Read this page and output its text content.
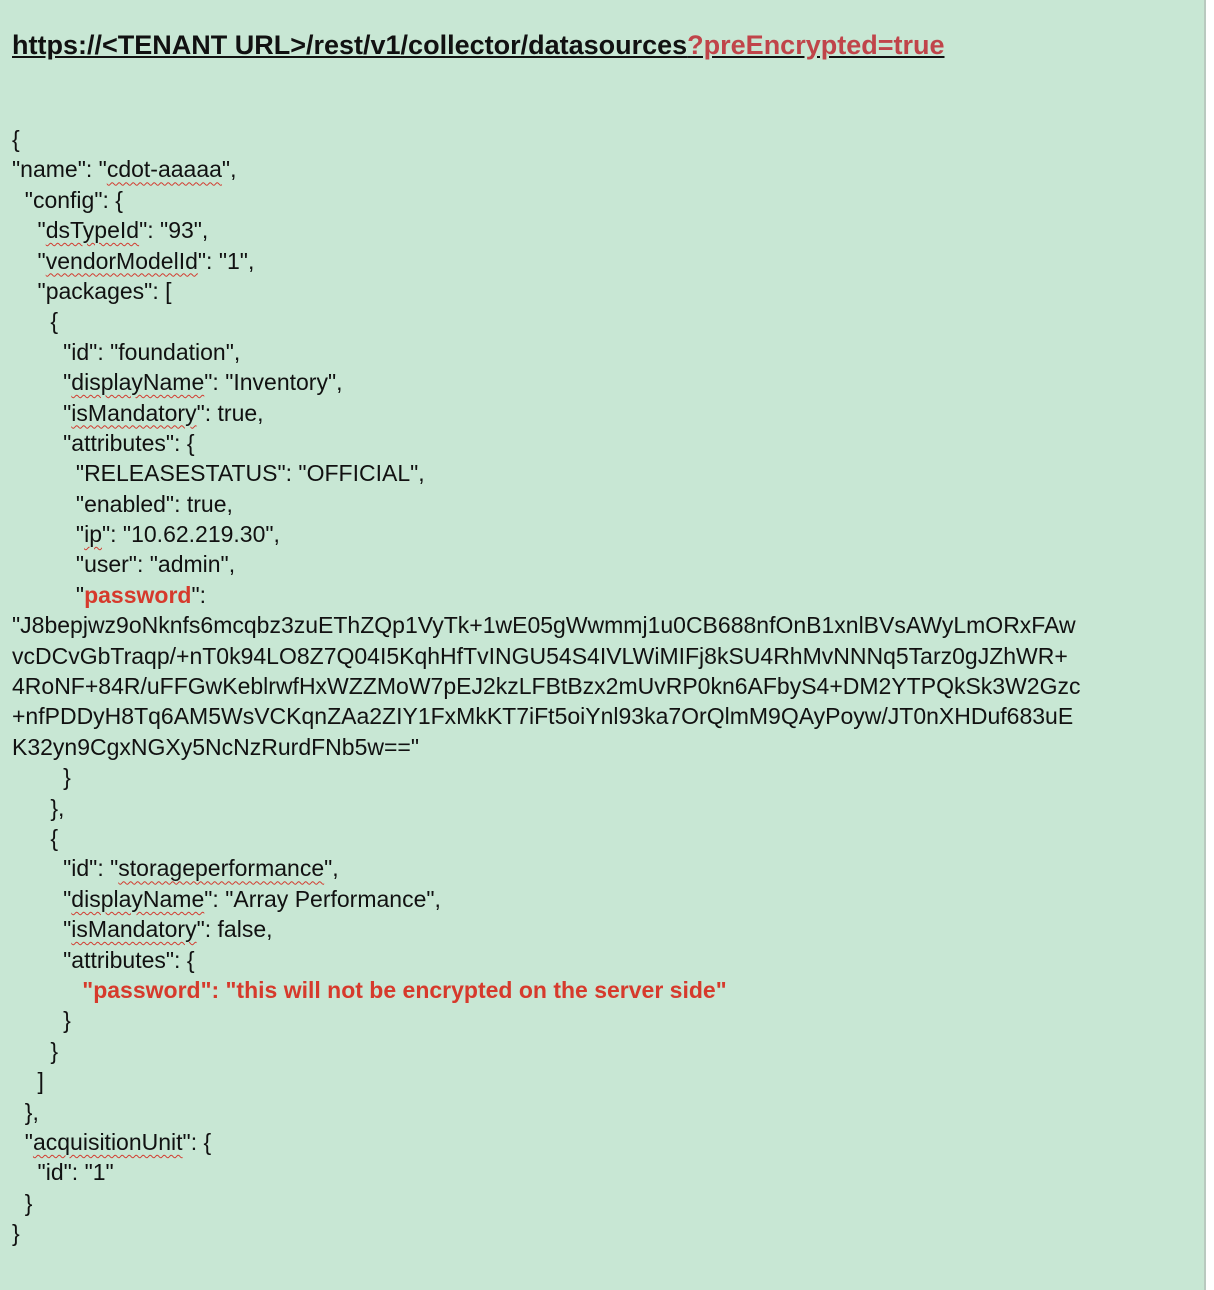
https://<TENANT URL>/rest/v1/collector/datasources?preEncrypted=true
{
"name": "cdot-aaaaa",
"config": {
"dsTypeId": "93",
"vendorModelId": "1",
"packages": [
{
"id": "foundation",
"displayName": "Inventory",
"isMandatory": true,
"attributes": {
"RELEASESTATUS": "OFFICIAL",
"enabled": true,
"ip": "10.62.219.30",
"user": "admin",
"password":
"J8bepjwz9oNknfs6mcqbz3zuEThZQp1VyTk+1wE05gWwmmj1u0CB688nfOnB1xnlBVsAWyLmORxFAw
vcDCvGbTraqp/+nT0k94LO8Z7Q04I5KqhHfTvINGU54S4IVLWiMIFj8kSU4RhMvNNNq5Tarz0gJZhWR+
4RoNF+84R/uFFGwKeblrwfHxWZZMoW7pEJ2kzLFBtBzx2mUvRP0kn6AFbyS4+DM2YTPQkSk3W2Gzc
+nfPDDyH8Tq6AM5WsVCKqnZAa2ZIY1FxMkKT7iFt5oiYnl93ka7OrQlmM9QAyPoyw/JT0nXHDuf683uE
K32yn9CgxNGXy5NcNzRurdFNb5w=="
}
},
{
"id": "storageperformance",
"displayName": "Array Performance",
"isMandatory": false,
"attributes": {
"password": "this will not be encrypted on the server side"
}
}
]
},
"acquisitionUnit": {
"id": "1"
}
}
